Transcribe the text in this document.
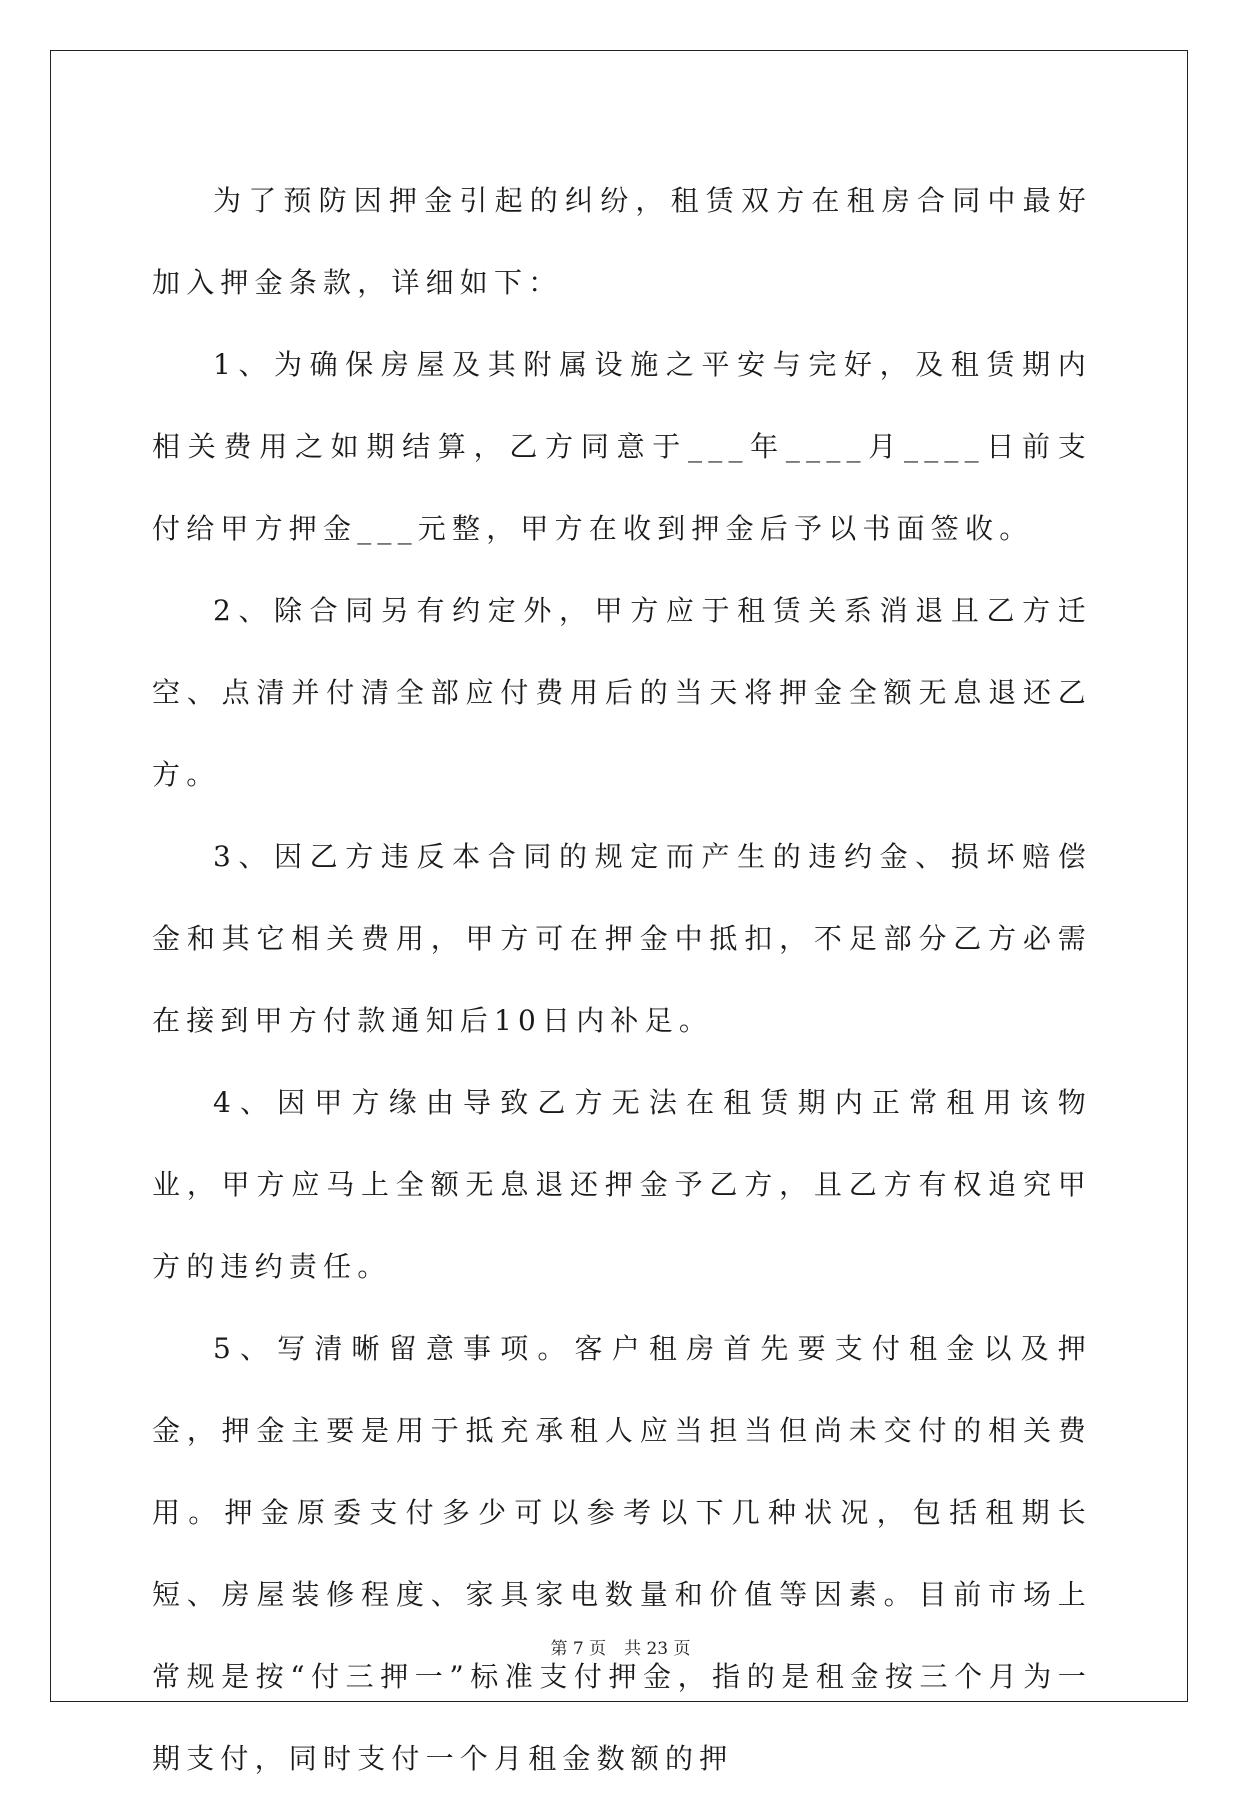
为了预防因押金引起的纠纷，租赁双方在租房合同中最好加入押金条款，详细如下：

1、为确保房屋及其附属设施之平安与完好，及租赁期内相关费用之如期结算，乙方同意于___年____月____日前支付给甲方押金___元整，甲方在收到押金后予以书面签收。

2、除合同另有约定外，甲方应于租赁关系消退且乙方迁空、点清并付清全部应付费用后的当天将押金全额无息退还乙方。

3、因乙方违反本合同的规定而产生的违约金、损坏赔偿金和其它相关费用，甲方可在押金中抵扣，不足部分乙方必需在接到甲方付款通知后10日内补足。

4、因甲方缘由导致乙方无法在租赁期内正常租用该物业，甲方应马上全额无息退还押金予乙方，且乙方有权追究甲方的违约责任。

5、写清晰留意事项。客户租房首先要支付租金以及押金，押金主要是用于抵充承租人应当担当但尚未交付的相关费用。押金原委支付多少可以参考以下几种状况，包括租期长短、房屋装修程度、家具家电数量和价值等因素。目前市场上常规是按“付三押一”标准支付押金，指的是租金按三个月为一期支付，同时支付一个月租金数额的押

第 7 页 共 23 页
